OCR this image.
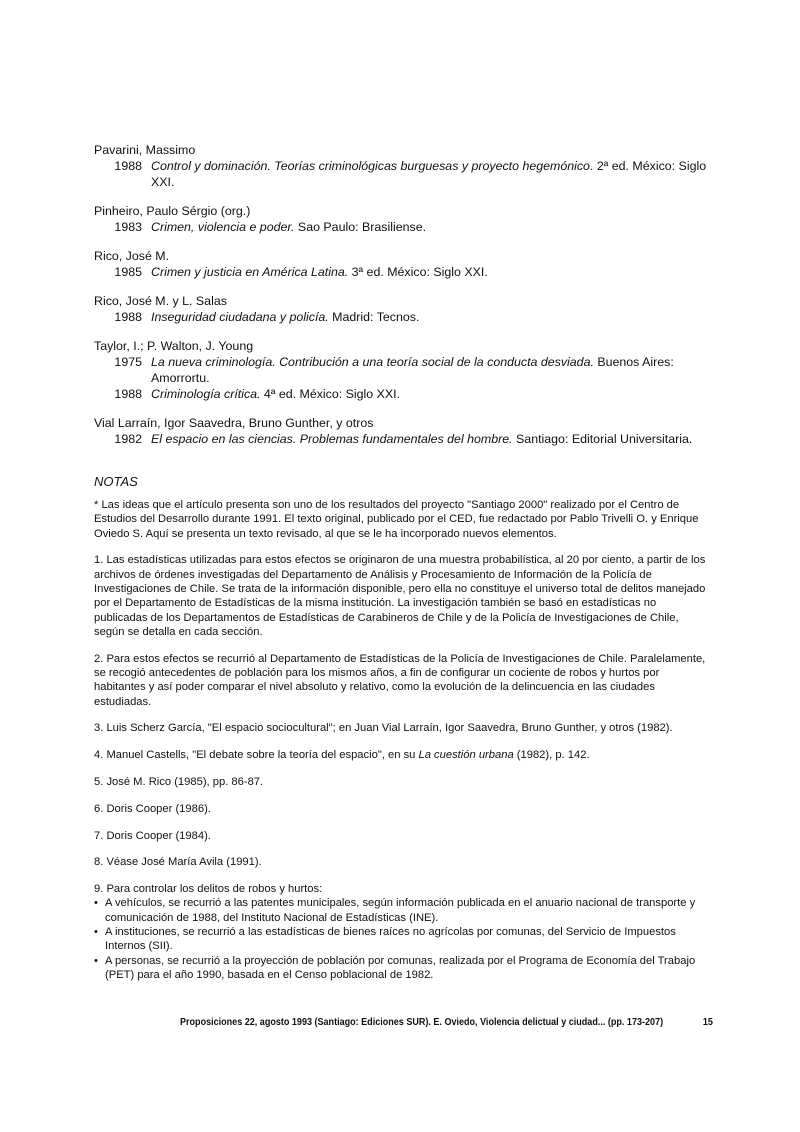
Pavarini, Massimo
1988 Control y dominación. Teorías criminológicas burguesas y proyecto hegemónico. 2ª ed. México: Siglo XXI.
Pinheiro, Paulo Sérgio (org.)
1983 Crimen, violencia e poder. Sao Paulo: Brasiliense.
Rico, José M.
1985 Crimen y justicia en América Latina. 3ª ed. México: Siglo XXI.
Rico, José M. y L. Salas
1988 Inseguridad ciudadana y policía. Madrid: Tecnos.
Taylor, I.; P. Walton, J. Young
1975 La nueva criminología. Contribución a una teoría social de la conducta desviada. Buenos Aires: Amorrortu.
1988 Criminología crítica. 4ª ed. México: Siglo XXI.
Vial Larraín, Igor Saavedra, Bruno Gunther, y otros
1982 El espacio en las ciencias. Problemas fundamentales del hombre. Santiago: Editorial Universitaria.
NOTAS

* Las ideas que el artículo presenta son uno de los resultados del proyecto "Santiago 2000" realizado por el Centro de Estudios del Desarrollo durante 1991. El texto original, publicado por el CED, fue redactado por Pablo Trivelli O. y Enrique Oviedo S. Aquí se presenta un texto revisado, al que se le ha incorporado nuevos elementos.

1. Las estadísticas utilizadas para estos efectos se originaron de una muestra probabilística, al 20 por ciento, a partir de los archivos de órdenes investigadas del Departamento de Análisis y Procesamiento de Información de la Policía de Investigaciones de Chile. Se trata de la información disponible, pero ella no constituye el universo total de delitos manejado por el Departamento de Estadísticas de la misma institución. La investigación también se basó en estadísticas no publicadas de los Departamentos de Estadísticas de Carabineros de Chile y de la Policía de Investigaciones de Chile, según se detalla en cada sección.

2. Para estos efectos se recurrió al Departamento de Estadísticas de la Policía de Investigaciones de Chile. Paralelamente, se recogió antecedentes de población para los mismos años, a fin de configurar un cociente de robos y hurtos por habitantes y así poder comparar el nivel absoluto y relativo, como la evolución de la delincuencia en las ciudades estudiadas.

3. Luis Scherz García, "El espacio sociocultural"; en Juan Vial Larraín, Igor Saavedra, Bruno Gunther, y otros (1982).

4. Manuel Castells, "El debate sobre la teoría del espacio", en su La cuestión urbana (1982), p. 142.

5. José M. Rico (1985), pp. 86-87.

6. Doris Cooper (1986).

7. Doris Cooper (1984).

8. Véase José María Avila (1991).

9. Para controlar los delitos de robos y hurtos:

• A vehículos, se recurrió a las patentes municipales, según información publicada en el anuario nacional de transporte y comunicación de 1988, del Instituto Nacional de Estadísticas (INE).
• A instituciones, se recurrió a las estadísticas de bienes raíces no agrícolas por comunas, del Servicio de Impuestos Internos (SII).
• A personas, se recurrió a la proyección de población por comunas, realizada por el Programa de Economía del Trabajo (PET) para el año 1990, basada en el Censo poblacional de 1982.
Proposiciones 22, agosto 1993 (Santiago: Ediciones SUR). E. Oviedo, Violencia delictual y ciudad... (pp. 173-207)	15
